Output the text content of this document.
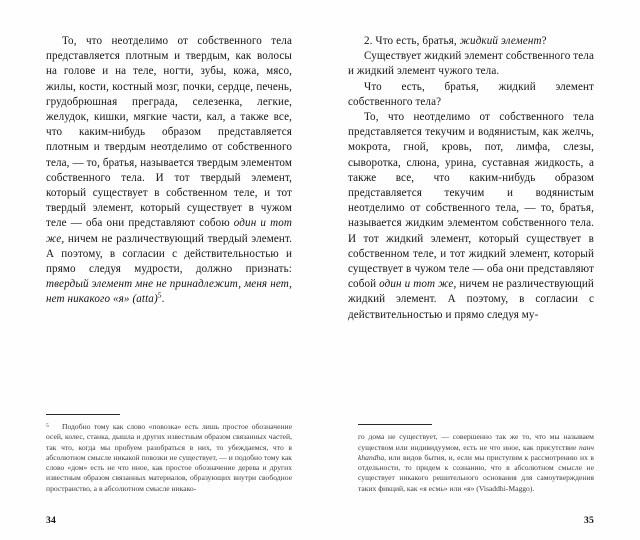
То, что неотделимо от собственного тела представляется плотным и твердым, как волосы на голове и на теле, ногти, зубы, кожа, мясо, жилы, кости, костный мозг, почки, сердце, печень, грудобрюшная преграда, селезенка, легкие, желудок, кишки, мягкие части, кал, а также все, что каким-нибудь образом представляется плотным и твердым неотделимо от собственного тела, — то, братья, называется твердым элементом собственного тела. И тот твердый элемент, который существует в собственном теле, и тот твердый элемент, который существует в чужом теле — оба они представляют собою один и тот же, ничем не различествующий твердый элемент. А поэтому, в согласии с действительностью и прямо следуя мудрости, должно признать: твердый элемент мне не принадлежит, меня нет, нет никакого «я» (atta)$^5$.

5	Подобно тому как слово «повозка» есть лишь простое обозначение осей, колес, станка, дышла и других известным образом связанных частей, так что, когда мы пробуем разобраться в них, то убеждаемся, что в абсолютном смысле никакой повозки не существует, — и подобно тому как слово «дом» есть не что иное, как простое обозначение дерева и других известным образом связанных материалов, образующих внутри свободное пространство, а в абсолютном смысле никако-
34

2. Что есть, братья, жидкий элемент?

Существует жидкий элемент собственного тела и жидкий элемент чужого тела.

Что есть, братья, жидкий элемент собственного тела?

То, что неотделимо от собственного тела представляется текучим и водянистым, как желчь, мокрота, гной, кровь, пот, лимфа, слезы, сыворотка, слюна, урина, суставная жидкость, а также все, что каким-нибудь образом представляется текучим и водянистым неотделимо от собственного тела, — то, братья, называется жидким элементом собственного тела. И тот жидкий элемент, который существует в собственном теле, и тот жидкий элемент, который существует в чужом теле — оба они представляют собой один и тот же, ничем не различествующий жидкий элемент. А поэтому, в согласии с действительностью и прямо следуя му-

го дома не существует, — совершенно так же то, что мы называем существом или индивидуумом, есть не что иное, как присутствие панч khandha, или видов бытия, и, если мы приступим к рассмотрению их в отдельности, то придем к сознанию, что в абсолютном смысле не существует никакого решительного основания для самоутверждения таких фикций, как «я есмь» или «я» (Visaddhi-Maggo).
35
